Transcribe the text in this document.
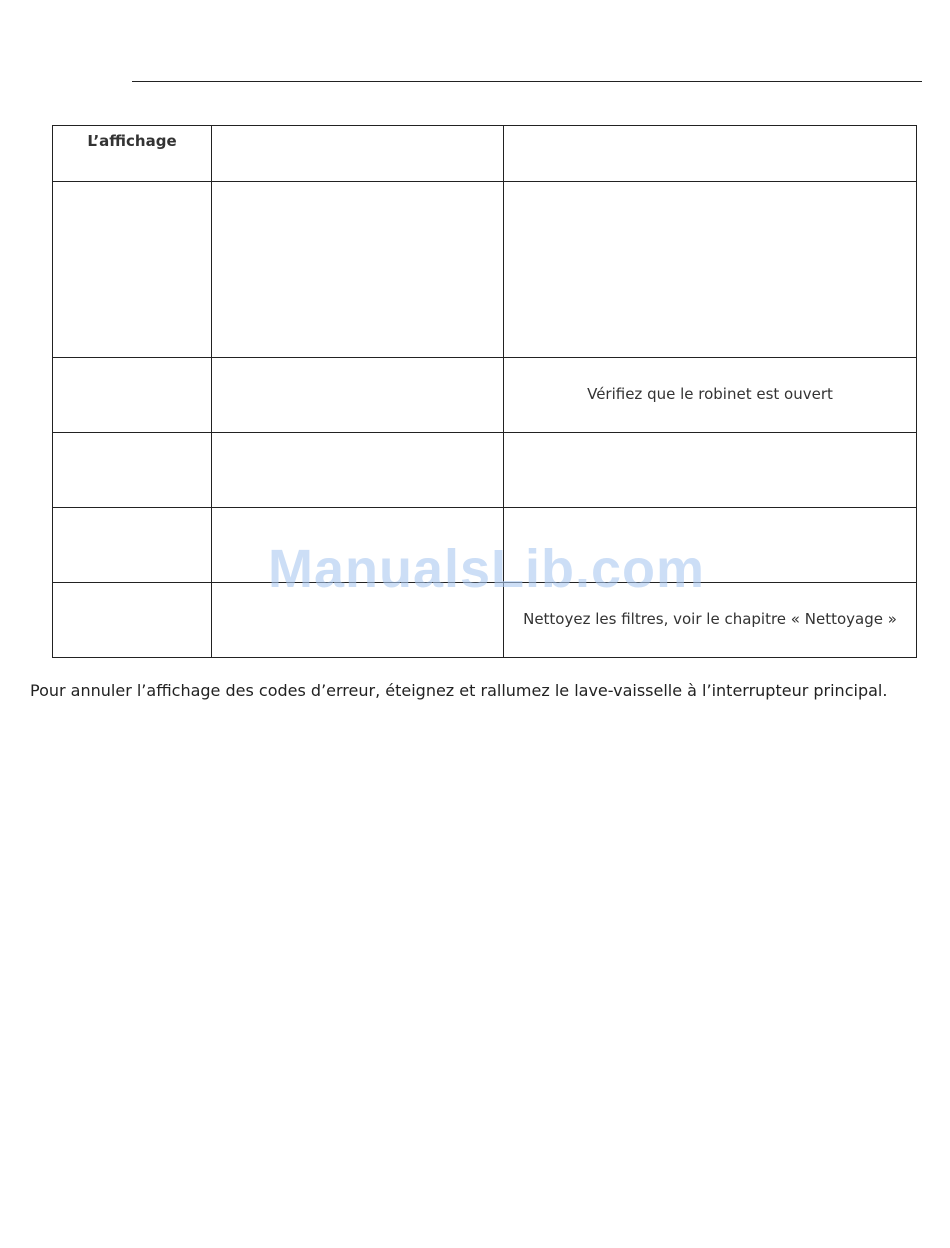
L’affichage		

		Vérifiez que le robinet est ouvert

		Nettoyez les filtres, voir le chapitre « Nettoyage »
ManualsLib.com
Pour annuler l’affichage des codes d’erreur, éteignez et rallumez le lave-vaisselle à l’interrupteur principal.
